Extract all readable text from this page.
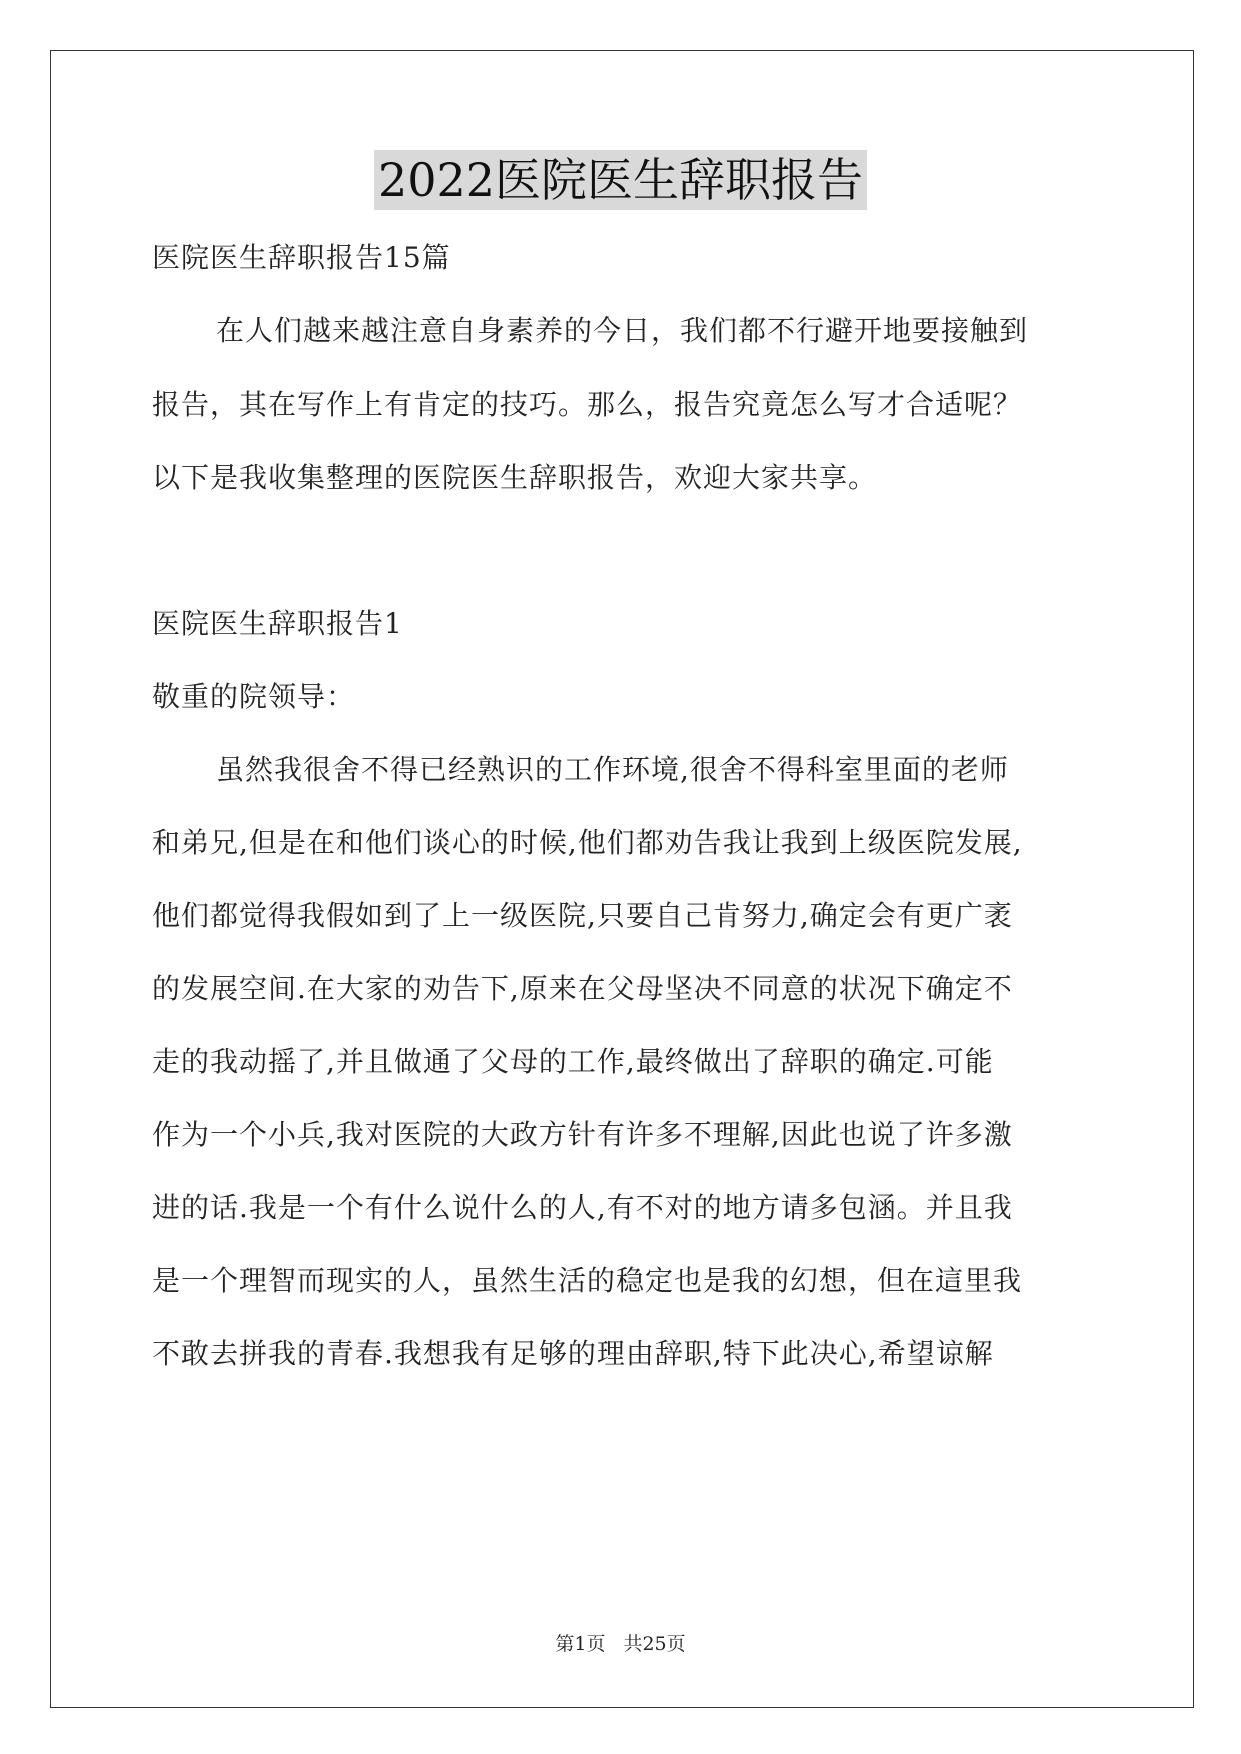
2022医院医生辞职报告
医院医生辞职报告15篇
在人们越来越注意自身素养的今日，我们都不行避开地要接触到
报告，其在写作上有肯定的技巧。那么，报告究竟怎么写才合适呢？
以下是我收集整理的医院医生辞职报告，欢迎大家共享。
医院医生辞职报告1
敬重的院领导：
虽然我很舍不得已经熟识的工作环境,很舍不得科室里面的老师
和弟兄,但是在和他们谈心的时候,他们都劝告我让我到上级医院发展,
他们都觉得我假如到了上一级医院,只要自己肯努力,确定会有更广袤
的发展空间.在大家的劝告下,原来在父母坚决不同意的状况下确定不
走的我动摇了,并且做通了父母的工作,最终做出了辞职的确定.可能
作为一个小兵,我对医院的大政方针有许多不理解,因此也说了许多激
进的话.我是一个有什么说什么的人,有不对的地方请多包涵。并且我
是一个理智而现实的人，虽然生活的稳定也是我的幻想，但在這里我
不敢去拼我的青春.我想我有足够的理由辞职,特下此决心,希望谅解
第1页 共25页
